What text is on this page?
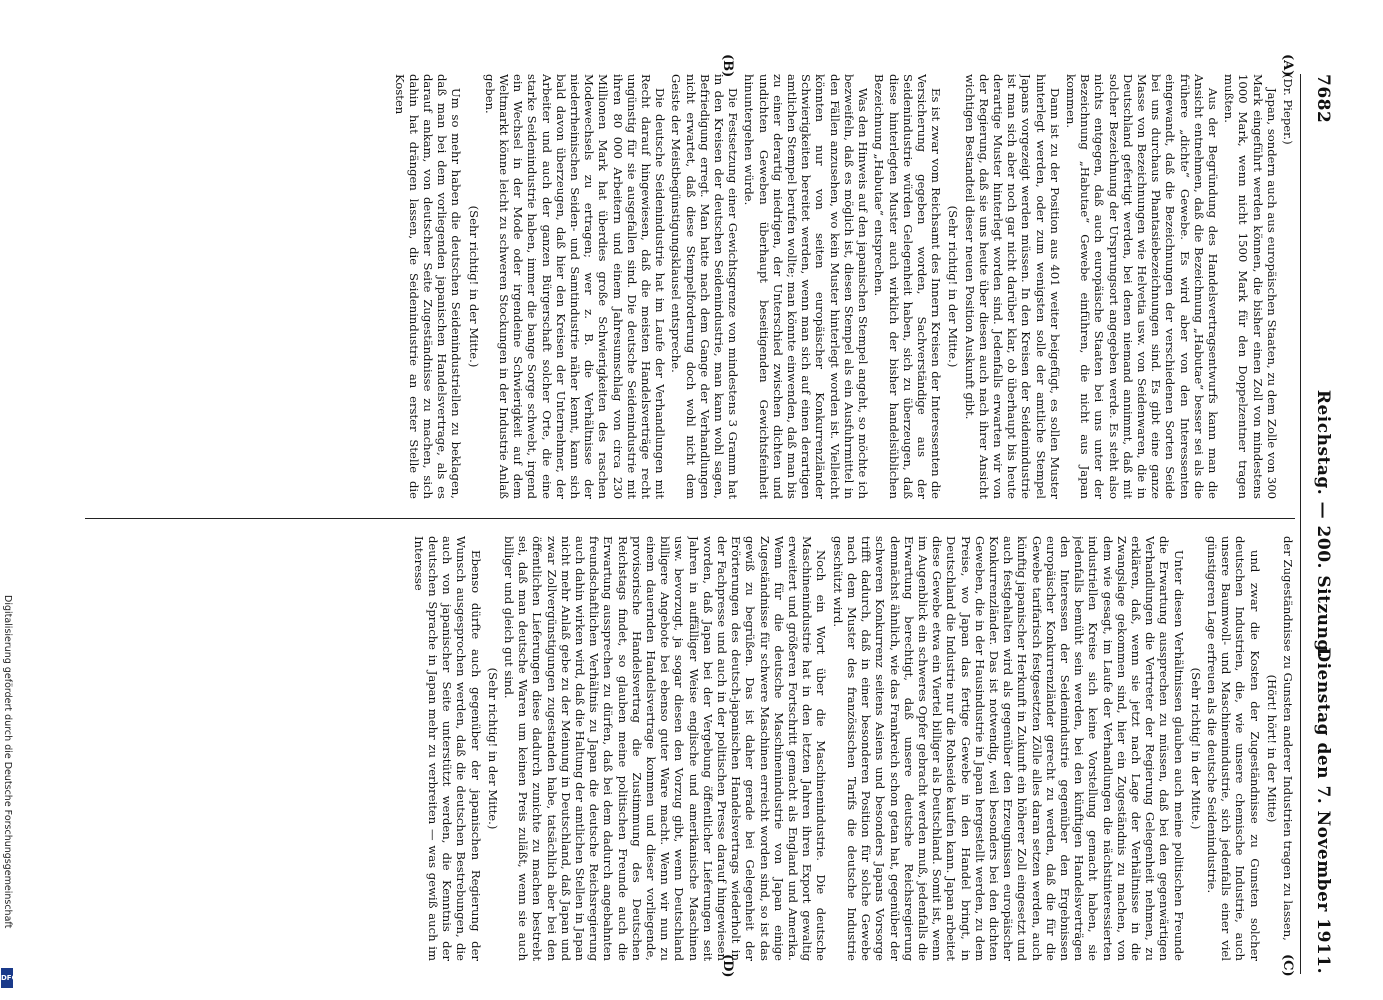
7682
Reichstag. — 200. Sitzung.
Dienstag den 7. November 1911.

(Dr. Pieper.)

Japan, sondern auch aus europäischen Staaten, zu dem Zolle von 300 Mark eingeführt werden können, die bisher einen Zoll von mindestens 1000 Mark, wenn nicht 1500 Mark für den Doppelzentner tragen mußten.

Aus der Begründung des Handelsvertragsentwurfs kann man die Ansicht entnehmen, daß die Bezeichnung „Habutae“ besser sei als die frühere „dichte“ Gewebe. Es wird aber von den Interessenten eingewandt, daß die Bezeichnungen der verschiedenen Sorten Seide bei uns durchaus Phantasiebezeichnungen sind. Es gibt eine ganze Masse von Bezeichnungen wie Helvetia usw. von Seidenwaren, die in Deutschland gefertigt werden, bei denen niemand annimmt, daß mit solcher Bezeichnung der Ursprungsort angegeben werde. Es steht also nichts entgegen, daß auch europäische Staaten bei uns unter der Bezeichnung „Habutae“ Gewebe einführen, die nicht aus Japan kommen.

Dann ist zu der Position aus 401 weiter beigefügt, es sollen Muster hinterlegt werden, oder zum wenigsten solle der amtliche Stempel Japans vorgezeigt werden müssen. In den Kreisen der Seidenindustrie ist man sich aber noch gar nicht darüber klar, ob überhaupt bis heute derartige Muster hinterlegt worden sind. Jedenfalls erwarten wir von der Regierung, daß sie uns heute über diesen auch nach ihrer Ansicht wichtigen Bestandteil dieser neuen Position Auskunft gibt.

(Sehr richtig! in der Mitte.)

Es ist zwar vom Reichsamt des Innern Kreisen der Interessenten die Versicherung gegeben worden, Sachverständige aus der Seidenindustrie würden Gelegenheit haben, sich zu überzeugen, daß diese hinterlegten Muster auch wirklich der bisher handelsüblichen Bezeichnung „Habutae“ entsprechen.

Was den Hinweis auf den japanischen Stempel angeht, so möchte ich bezweifeln, daß es möglich ist, diesen Stempel als ein Ausfuhrmittel in den Fällen anzusehen, wo kein Muster hinterlegt worden ist. Vielleicht könnten nur von seiten europäischer Konkurrenzländer Schwierigkeiten bereitet werden, wenn man sich auf einen derartigen amtlichen Stempel berufen wollte; man könnte einwenden, daß man bis zu einer derartig niedrigen, der Unterschied zwischen dichten und undichten Geweben überhaupt beseitigenden Gewichtsfeinheit hinuntergehen würde.

Die Festsetzung einer Gewichtsgrenze von mindestens 3 Gramm hat in den Kreisen der deutschen Seidenindustrie, man kann wohl sagen, Befriedigung erregt. Man hatte nach dem Gange der Verhandlungen nicht erwartet, daß diese Stempelforderung doch wohl nicht dem Geiste der Meistbegünstigungsklausel entspreche.

Die deutsche Seidenindustrie hat im Laufe der Verhandlungen mit Recht darauf hingewiesen, daß die meisten Handelsverträge recht ungünstig für sie ausgefallen sind. Die deutsche Seidenindustrie mit ihren 80 000 Arbeitern und einem Jahresumschlag von circa 230 Millionen Mark hat überdies große Schwierigkeiten des raschen Modewechsels zu ertragen; wer z. B. die Verhältnisse der niederrheinischen Seiden- und Samtindustrie näher kennt, kann sich bald davon überzeugen, daß hier den Kreisen der Unternehmer, der Arbeiter und auch der ganzen Bürgerschaft solcher Orte, die eine starke Seidenindustrie haben, immer die bange Sorge schwebt, irgend ein Wechsel in der Mode oder irgendeine Schwierigkeit auf dem Weltmarkt könne leicht zu schweren Stockungen in der Industrie Anlaß geben.

(Sehr richtig! in der Mitte.)

Um so mehr haben die deutschen Seidenindustriellen zu beklagen, daß man bei dem vorliegenden japanischen Handelsvertrage, als es darauf ankam, von deutscher Seite Zugeständnisse zu machen, sich dahin hat drängen lassen, die Seidenindustrie an erster Stelle die Kosten

der Zugeständnisse zu Gunsten anderer Industrien tragen zu lassen,

(Hört! hört! in der Mitte)

und zwar die Kosten der Zugeständnisse zu Gunsten solcher deutschen Industrien, die, wie unsere chemische Industrie, auch unsere Baumwoll- und Maschinenindustrie, sich jedenfalls einer viel günstigeren Lage erfreuen als die deutsche Seidenindustrie.

(Sehr richtig! in der Mitte.)

Unter diesen Verhältnissen glauben auch meine politischen Freunde die Erwartung aussprechen zu müssen, daß bei den gegenwärtigen Verhandlungen die Vertreter der Regierung Gelegenheit nehmen, zu erklären, daß, wenn sie jetzt nach Lage der Verhältnisse in die Zwangslage gekommen sind, hier ein Zugeständnis zu machen, von dem wie gesagt, im Laufe der Verhandlungen die nächstinteressierten industriellen Kreise sich keine Vorstellung gemacht haben, sie jedenfalls bemüht sein werden, bei den künftigen Handelsverträgen den Interessen der Seidenindustrie gegenüber den Ergebnissen europäischer Konkurrenzländer gerecht zu werden, daß die für die Gewebe tarifarisch festgesetzten Zölle alles daran setzen werden, auch künftig japanischer Herkunft in Zukunft ein höherer Zoll eingesetzt und auch festgehalten wird als gegenüber den Erzeugnissen europäischer Konkurrenzländer. Das ist notwendig, weil besonders bei den dichten Geweben, die in der Hausindustrie in Japan hergestellt werden, zu dem Preise, wo Japan das fertige Gewebe in den Handel bringt, in Deutschland die Industrie nur die Rohseide kaufen kann. Japan arbeitet diese Gewebe etwa ein Viertel billiger als Deutschland. Somit ist, wenn im Augenblick ein schweres Opfer gebracht werden muß, jedenfalls die Erwartung berechtigt, daß unsere deutsche Reichsregierung demnächst ähnlich, wie das Frankreich schon getan hat, gegenüber der schweren Konkurrenz seitens Asiens und besonders Japans Vorsorge trifft dadurch, daß in einer besonderen Position für solche Gewebe nach dem Muster des französischen Tarifs die deutsche Industrie geschützt wird.

Noch ein Wort über die Maschinenindustrie. Die deutsche Maschinenindustrie hat in den letzten Jahren ihren Export gewaltig erweitert und größeren Fortschritt gemacht als England und Amerika. Wenn für die deutsche Maschinenindustrie von Japan einige Zugeständnisse für schwere Maschinen erreicht worden sind, so ist das gewiß zu begrüßen. Das ist daher gerade bei Gelegenheit der Erörterungen des deutsch-japanischen Handelsvertrags wiederholt in der Fachpresse und auch in der politischen Presse darauf hingewiesen worden, daß Japan bei der Vergebung öffentlicher Lieferungen seit Jahren in auffälliger Weise englische und amerikanische Maschinen usw. bevorzugt, ja sogar diesen den Vorzug gibt, wenn Deutschland billigere Angebote bei ebenso guter Ware macht. Wenn wir nun zu einem dauernden Handelsvertrage kommen und dieser vorliegende, provisorische Handelsvertrag die Zustimmung des Deutschen Reichstags findet, so glauben meine politischen Freunde auch die Erwartung aussprechen zu dürfen, daß bei dem dadurch angebahnten freundschaftlichen Verhältnis zu Japan die deutsche Reichsregierung auch dahin wirken wird, daß die Haltung der amtlichen Stellen in Japan nicht mehr Anlaß gebe zu der Meinung in Deutschland, daß Japan und zwar Zollvergünstigungen zugestanden habe, tatsächlich aber bei den öffentlichen Lieferungen diese dadurch zunichte zu machen bestrebt sei, daß man deutsche Waren um keinen Preis zuläßt, wenn sie auch billiger und gleich gut sind.

(Sehr richtig! in der Mitte.)

Ebenso dürfte auch gegenüber der japanischen Regierung der Wunsch ausgesprochen werden, daß die deutschen Bestrebungen, die auch von japanischer Seite unterstützt werden, die Kenntnis der deutschen Sprache in Japan mehr zu verbreiten — was gewiß auch im Interesse

(A)
(B)
(C)
(D)
Digitalisierung gefördert durch die Deutsche Forschungsgemeinschaft
DFG
